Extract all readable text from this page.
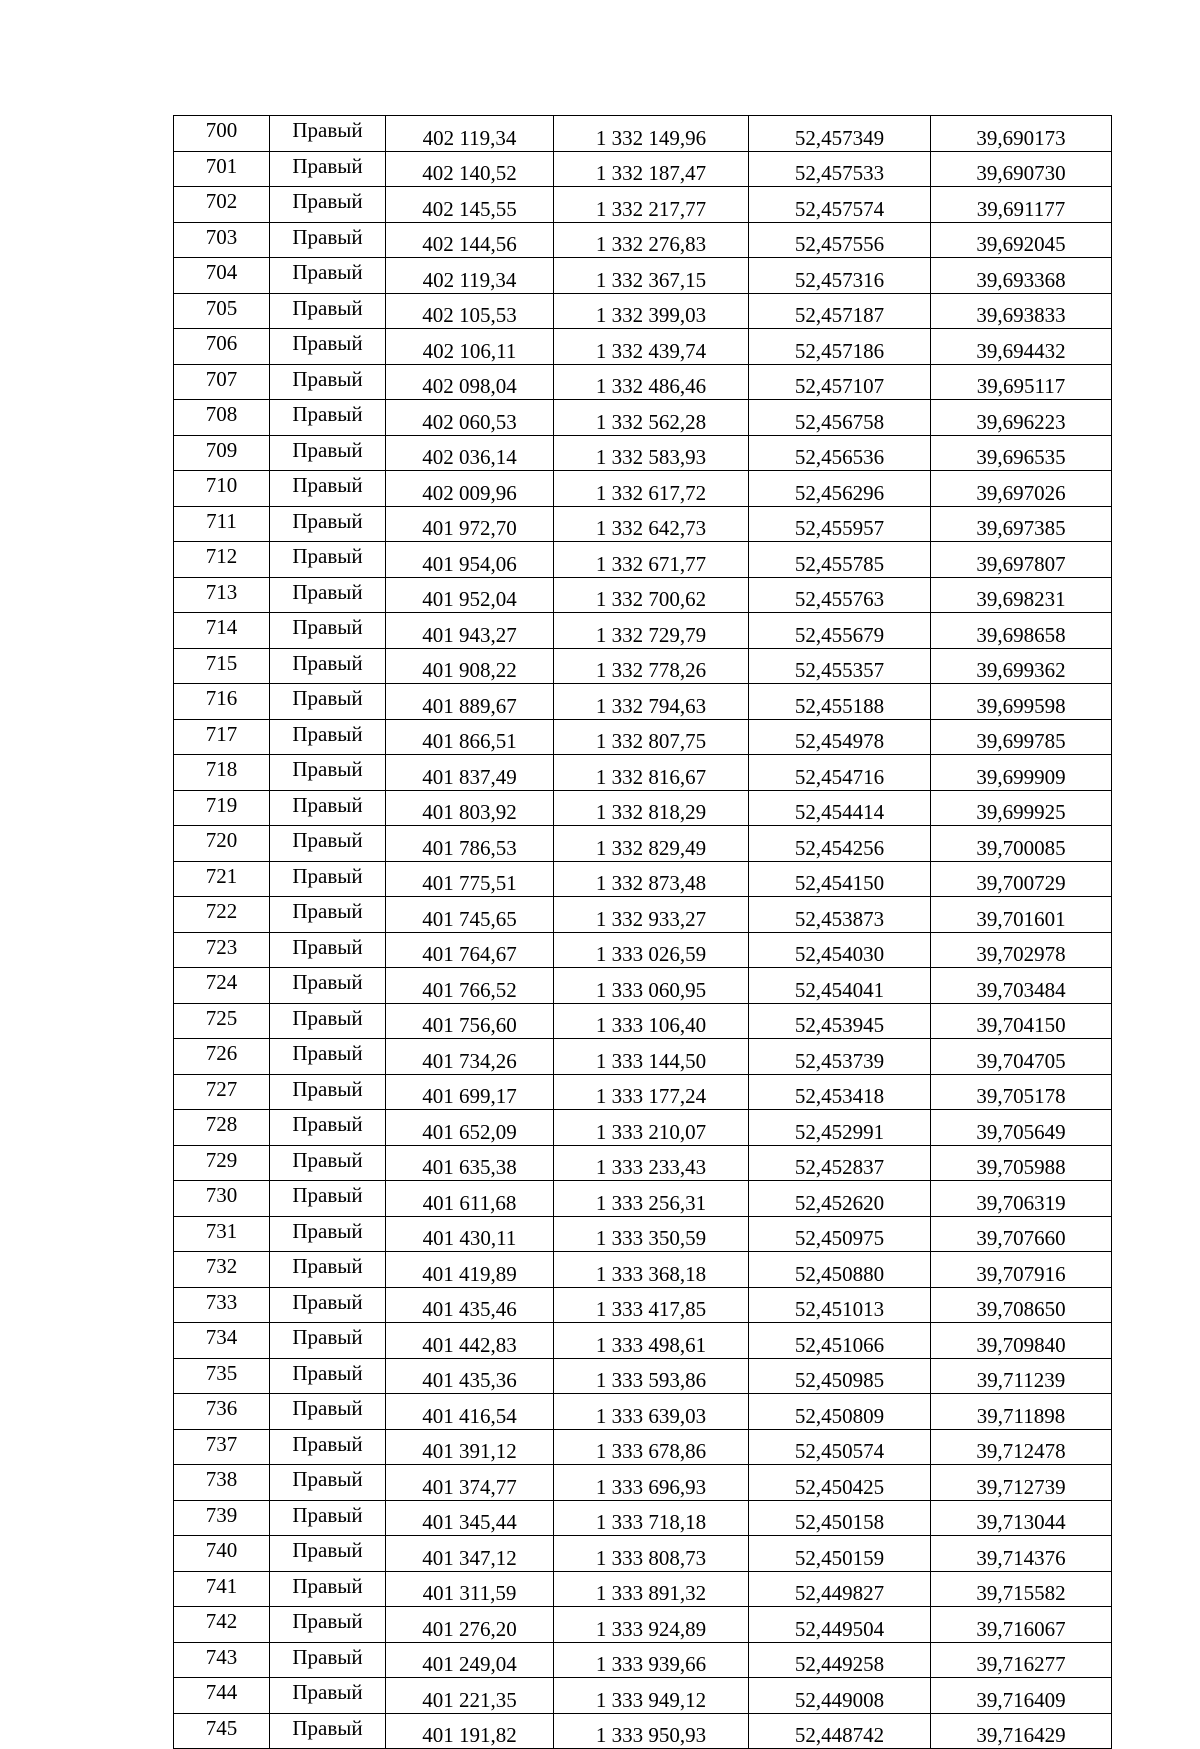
700	Правый	402 119,34	1 332 149,96	52,457349	39,690173
701	Правый	402 140,52	1 332 187,47	52,457533	39,690730
702	Правый	402 145,55	1 332 217,77	52,457574	39,691177
703	Правый	402 144,56	1 332 276,83	52,457556	39,692045
704	Правый	402 119,34	1 332 367,15	52,457316	39,693368
705	Правый	402 105,53	1 332 399,03	52,457187	39,693833
706	Правый	402 106,11	1 332 439,74	52,457186	39,694432
707	Правый	402 098,04	1 332 486,46	52,457107	39,695117
708	Правый	402 060,53	1 332 562,28	52,456758	39,696223
709	Правый	402 036,14	1 332 583,93	52,456536	39,696535
710	Правый	402 009,96	1 332 617,72	52,456296	39,697026
711	Правый	401 972,70	1 332 642,73	52,455957	39,697385
712	Правый	401 954,06	1 332 671,77	52,455785	39,697807
713	Правый	401 952,04	1 332 700,62	52,455763	39,698231
714	Правый	401 943,27	1 332 729,79	52,455679	39,698658
715	Правый	401 908,22	1 332 778,26	52,455357	39,699362
716	Правый	401 889,67	1 332 794,63	52,455188	39,699598
717	Правый	401 866,51	1 332 807,75	52,454978	39,699785
718	Правый	401 837,49	1 332 816,67	52,454716	39,699909
719	Правый	401 803,92	1 332 818,29	52,454414	39,699925
720	Правый	401 786,53	1 332 829,49	52,454256	39,700085
721	Правый	401 775,51	1 332 873,48	52,454150	39,700729
722	Правый	401 745,65	1 332 933,27	52,453873	39,701601
723	Правый	401 764,67	1 333 026,59	52,454030	39,702978
724	Правый	401 766,52	1 333 060,95	52,454041	39,703484
725	Правый	401 756,60	1 333 106,40	52,453945	39,704150
726	Правый	401 734,26	1 333 144,50	52,453739	39,704705
727	Правый	401 699,17	1 333 177,24	52,453418	39,705178
728	Правый	401 652,09	1 333 210,07	52,452991	39,705649
729	Правый	401 635,38	1 333 233,43	52,452837	39,705988
730	Правый	401 611,68	1 333 256,31	52,452620	39,706319
731	Правый	401 430,11	1 333 350,59	52,450975	39,707660
732	Правый	401 419,89	1 333 368,18	52,450880	39,707916
733	Правый	401 435,46	1 333 417,85	52,451013	39,708650
734	Правый	401 442,83	1 333 498,61	52,451066	39,709840
735	Правый	401 435,36	1 333 593,86	52,450985	39,711239
736	Правый	401 416,54	1 333 639,03	52,450809	39,711898
737	Правый	401 391,12	1 333 678,86	52,450574	39,712478
738	Правый	401 374,77	1 333 696,93	52,450425	39,712739
739	Правый	401 345,44	1 333 718,18	52,450158	39,713044
740	Правый	401 347,12	1 333 808,73	52,450159	39,714376
741	Правый	401 311,59	1 333 891,32	52,449827	39,715582
742	Правый	401 276,20	1 333 924,89	52,449504	39,716067
743	Правый	401 249,04	1 333 939,66	52,449258	39,716277
744	Правый	401 221,35	1 333 949,12	52,449008	39,716409
745	Правый	401 191,82	1 333 950,93	52,448742	39,716429
